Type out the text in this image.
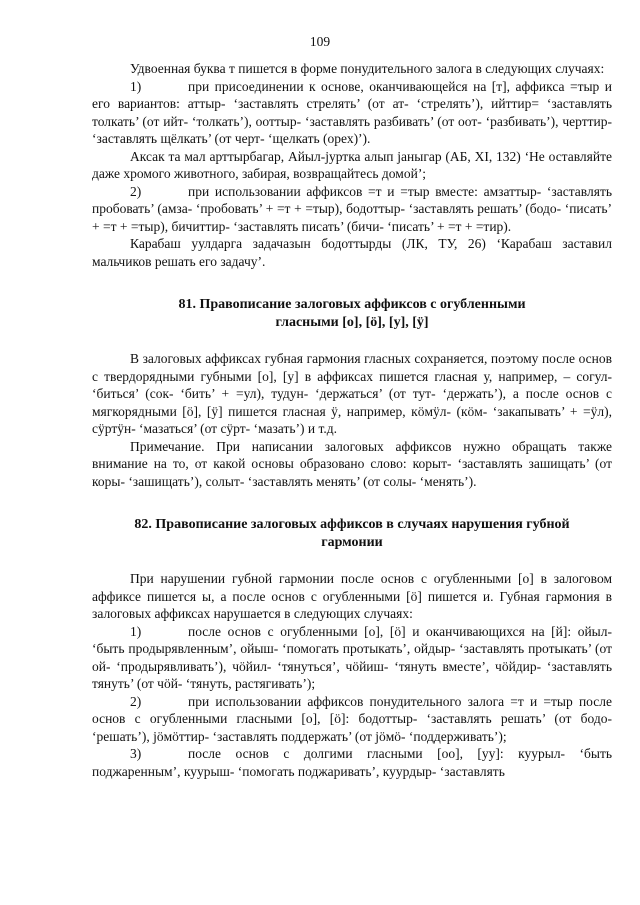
109

Удвоенная буква т пишется в форме понудительного залога в следующих случаях:

1)	при присоединении к основе, оканчивающейся на [т], аффикса =тыр и его вариантов: аттыр- ‘заставлять стрелять’ (от ат- ‘стрелять’), ийттир= ‘заставлять толкать’ (от ийт- ‘толкать’), ооттыр- ‘заставлять разбивать’ (от оот- ‘разбивать’), черттир- ‘заставлять щёлкать’ (от черт- ‘щелкать (орех)’).

Аксак та мал арттырбагар, Айыл-јуртка алып јаныгар (АБ, XI, 132) ‘Не оставляйте даже хромого животного, забирая, возвращайтесь домой’;

2)	при использовании аффиксов =т и =тыр вместе: амзаттыр- ‘заставлять пробовать’ (амза- ‘пробовать’ + =т + =тыр), бодоттыр- ‘заставлять решать’ (бодо- ‘писать’ + =т + =тыр), бичиттир- ‘заставлять писать’ (бичи- ‘писать’ + =т + =тир).

Карабаш уулдарга задачазын бодоттырды (ЛК, ТУ, 26) ‘Карабаш заставил мальчиков решать его задачу’.

81. Правописание залоговых аффиксов с огубленными
гласными [о], [ӧ], [у], [ӱ]

В залоговых аффиксах губная гармония гласных сохраняется, поэтому после основ с твердорядными губными [о], [у] в аффиксах пишется гласная у, например, – согул- ‘биться’ (сок- ‘бить’ + =ул), тудун- ‘держаться’ (от тут- ‘держать’), а после основ с мягкорядными [ӧ], [ӱ] пишется гласная ӱ, например, кӧмӱл- (кӧм- ‘закапывать’ + =ӱл), сӱртӱн- ‘мазаться’ (от сӱрт- ‘мазать’) и т.д.

Примечание. При написании залоговых аффиксов нужно обращать также внимание на то, от какой основы образовано слово: корыт- ‘заставлять зашищать’ (от коры- ‘зашищать’), солыт- ‘заставлять менять’ (от солы- ‘менять’).

82. Правописание залоговых аффиксов в случаях нарушения губной
гармонии

При нарушении губной гармонии после основ с огубленными [о] в залоговом аффиксе пишется ы, а после основ с огубленными [ӧ] пишется и. Губная гармония в залоговых аффиксах нарушается в следующих случаях:

1)	после основ с огубленными [о], [ӧ] и оканчивающихся на [й]: ойыл- ‘быть продырявленным’, ойыш- ‘помогать протыкать’, ойдыр- ‘заставлять протыкать’ (от ой- ‘продырявливать’), чӧйил- ‘тянуться’, чӧйиш- ‘тянуть вместе’, чӧйдир- ‘заставлять тянуть’ (от чӧй- ‘тянуть, растягивать’);

2)	при использовании аффиксов понудительного залога =т и =тыр после основ с огубленными гласными [о], [ӧ]: бодоттыр- ‘заставлять решать’ (от бодо- ‘решать’), јӧмӧттир- ‘заставлять поддержать’ (от јӧмӧ- ‘поддерживать’);

3)	после основ с долгими гласными [оо], [уу]: куурыл- ‘быть поджаренным’, куурыш- ‘помогать поджаривать’, куурдыр- ‘заставлять
